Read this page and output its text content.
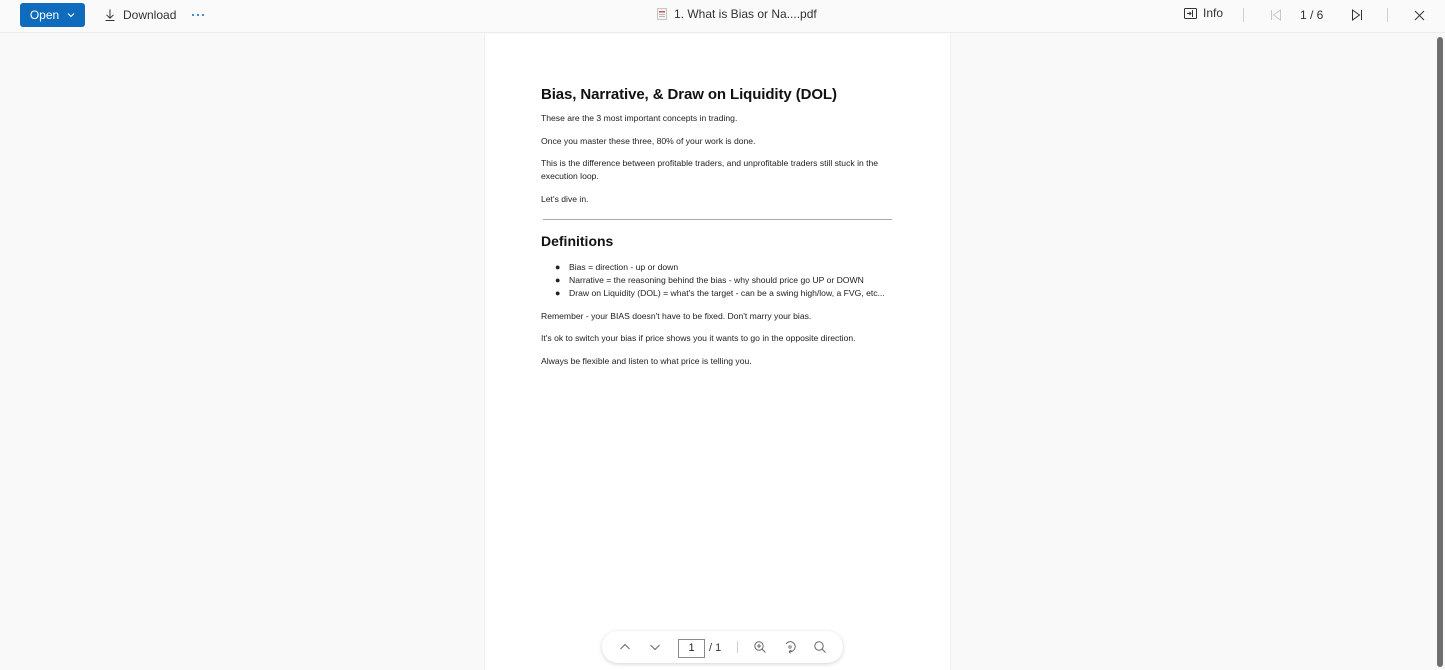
Open	Download	1. What is Bias or Na....pdf	Info	1 / 6
Bias, Narrative, & Draw on Liquidity (DOL)

These are the 3 most important concepts in trading.

Once you master these three, 80% of your work is done.

This is the difference between profitable traders, and unprofitable traders still stuck in the execution loop.

Let's dive in.

Definitions
● Bias = direction - up or down
● Narrative = the reasoning behind the bias - why should price go UP or DOWN
● Draw on Liquidity (DOL) = what's the target - can be a swing high/low, a FVG, etc...

Remember - your BIAS doesn't have to be fixed. Don't marry your bias.

It's ok to switch your bias if price shows you it wants to go in the opposite direction.

Always be flexible and listen to what price is telling you.

1	/ 1
